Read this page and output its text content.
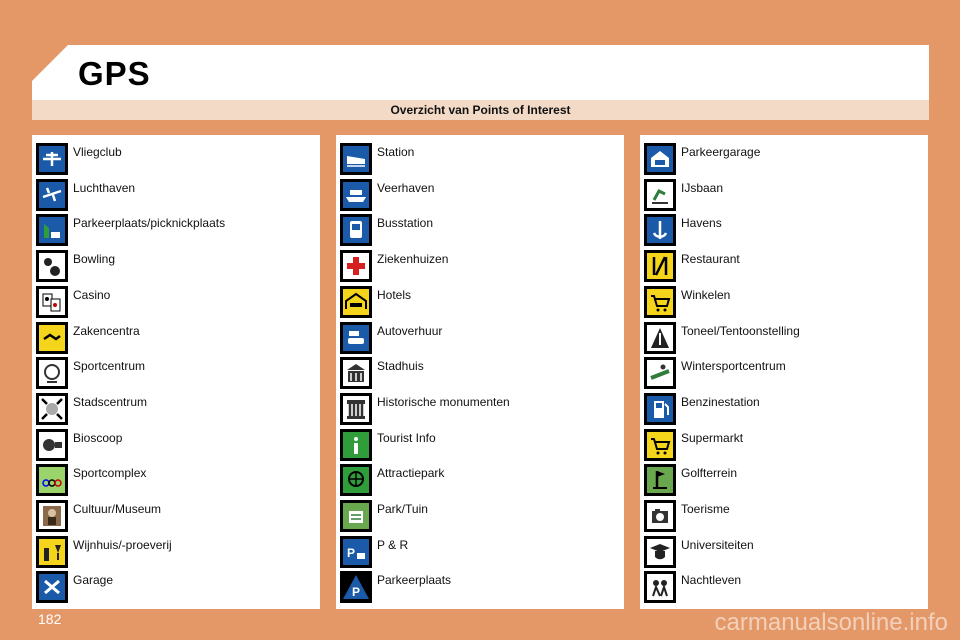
GPS
Overzicht van Points of Interest
Vliegclub
Luchthaven
Parkeerplaats/picknickplaats
Bowling
Casino
Zakencentra
Sportcentrum
Stadscentrum
Bioscoop
Sportcomplex
Cultuur/Museum
Wijnhuis/-proeverij
Garage
Station
Veerhaven
Busstation
Ziekenhuizen
Hotels
Autoverhuur
Stadhuis
Historische monumenten
Tourist Info
Attractiepark
Park/Tuin
P
P & R
P
Parkeerplaats
Parkeergarage
IJsbaan
Havens
Restaurant
Winkelen
Toneel/Tentoonstelling
Wintersportcentrum
Benzinestation
Supermarkt
Golfterrein
Toerisme
Universiteiten
Nachtleven
182	carmanualsonline.info
